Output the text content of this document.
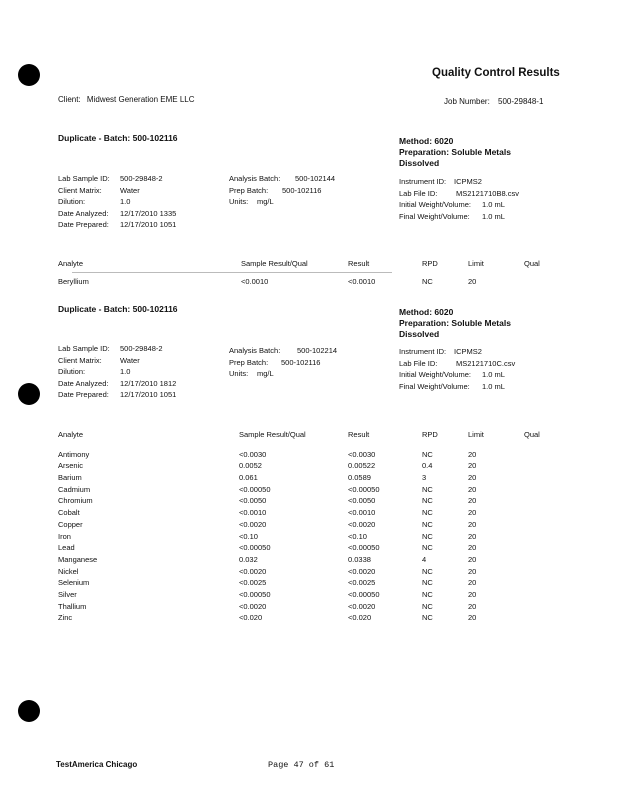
Quality Control Results
Client: Midwest Generation EME LLC	Job Number: 500-29848-1
Duplicate - Batch: 500-102116	Method: 6020
Preparation: Soluble Metals
Dissolved
Lab Sample ID:	500-29848-2
Client Matrix:	Water
Dilution:	1.0
Date Analyzed:	12/17/2010 1335
Date Prepared:	12/17/2010 1051
Analysis Batch:	500-102144
Prep Batch:	500-102116
Units:	mg/L
Instrument ID:	ICPMS2
Lab File ID:	MS2121710B8.csv
Initial Weight/Volume:	1.0 mL
Final Weight/Volume:	1.0 mL
Analyte	Sample Result/Qual	Result	RPD	Limit	Qual
Beryllium	<0.0010	<0.0010	NC	20
Duplicate - Batch: 500-102116	Method: 6020
Preparation: Soluble Metals
Dissolved
Lab Sample ID:	500-29848-2
Client Matrix:	Water
Dilution:	1.0
Date Analyzed:	12/17/2010 1812
Date Prepared:	12/17/2010 1051
Analysis Batch:	500-102214
Prep Batch:	500-102116
Units:	mg/L
Instrument ID:	ICPMS2
Lab File ID:	MS2121710C.csv
Initial Weight/Volume:	1.0 mL
Final Weight/Volume:	1.0 mL
Analyte	Sample Result/Qual	Result	RPD	Limit	Qual
Antimony	<0.0030	<0.0030	NC	20
Arsenic	0.0052	0.00522	0.4	20
Barium	0.061	0.0589	3	20
Cadmium	<0.00050	<0.00050	NC	20
Chromium	<0.0050	<0.0050	NC	20
Cobalt	<0.0010	<0.0010	NC	20
Copper	<0.0020	<0.0020	NC	20
Iron	<0.10	<0.10	NC	20
Lead	<0.00050	<0.00050	NC	20
Manganese	0.032	0.0338	4	20
Nickel	<0.0020	<0.0020	NC	20
Selenium	<0.0025	<0.0025	NC	20
Silver	<0.00050	<0.00050	NC	20
Thallium	<0.0020	<0.0020	NC	20
Zinc	<0.020	<0.020	NC	20
TestAmerica Chicago	Page 47 of 61
